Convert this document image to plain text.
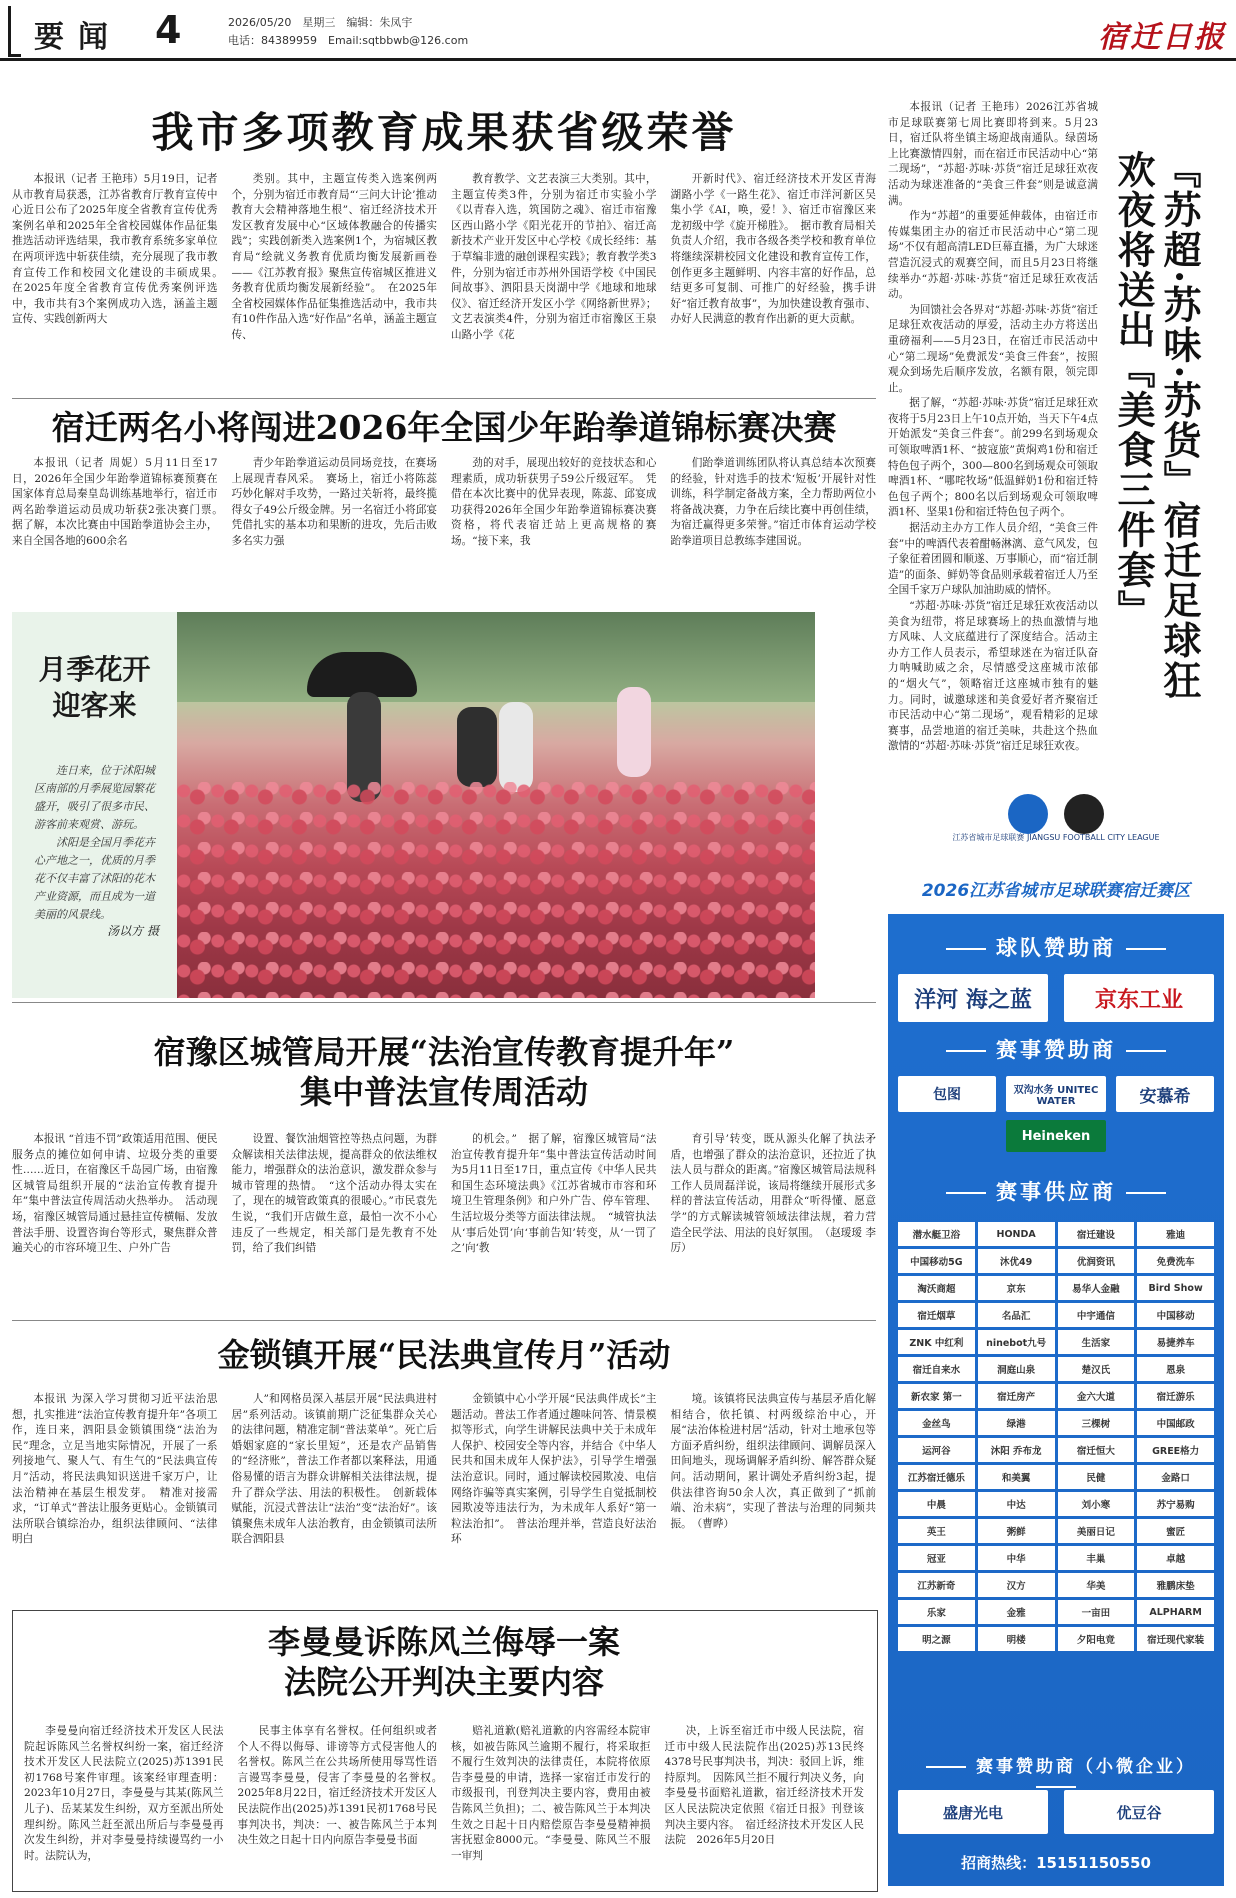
要闻 4	2026/05/20　星期三　编辑：朱凤宇
电话：84389959　Email:sqtbbwb@126.com	宿迁日报
我市多项教育成果获省级荣誉

本报讯（记者 王艳玮）5月19日，记者从市教育局获悉，江苏省教育厅教育宣传中心近日公布了2025年度全省教育宣传优秀案例名单和2025年全省校园媒体作品征集推选活动评选结果，我市教育系统多家单位在两项评选中斩获佳绩，充分展现了我市教育宣传工作和校园文化建设的丰硕成果。　在2025年度全省教育宣传优秀案例评选中，我市共有3个案例成功入选，涵盖主题宣传、实践创新两大

类别。其中，主题宣传类入选案例两个，分别为宿迁市教育局“‘三问大计论’推动教育大会精神落地生根”、宿迁经济技术开发区教育发展中心“区域体教融合的传播实践”；实践创新类入选案例1个，为宿城区教育局“绘就义务教育优质均衡发展新画卷——《江苏教育报》聚焦宣传宿城区推进义务教育优质均衡发展新经验”。　在2025年全省校园媒体作品征集推选活动中，我市共有10件作品入选“好作品”名单，涵盖主题宣传、

教育教学、文艺表演三大类别。其中，主题宣传类3件，分别为宿迁市实验小学《以青春入选，筑国防之魂》、宿迁市宿豫区西山路小学《阳光花开的节拍》、宿迁高新技术产业开发区中心学校《成长经纬：基于草编非遗的融创课程实践》；教育教学类3件，分别为宿迁市苏州外国语学校《中国民间故事》、泗阳县天岗湖中学《地球和地球仪》、宿迁经济开发区小学《网络新世界》；文艺表演类4件，分别为宿迁市宿豫区王泉山路小学《花

开新时代》、宿迁经济技术开发区青海湖路小学《一路生花》、宿迁市洋河新区吴集小学《AI，唤，爱！》、宿迁市宿豫区来龙初级中学《旋开梯胜》。　据市教育局相关负责人介绍，我市各级各类学校和教育单位将继续深耕校园文化建设和教育宣传工作，创作更多主题鲜明、内容丰富的好作品，总结更多可复制、可推广的好经验，携手讲好“宿迁教育故事”，为加快建设教育强市、办好人民满意的教育作出新的更大贡献。

宿迁两名小将闯进2026年全国少年跆拳道锦标赛决赛

本报讯（记者 周妮）5月11日至17日，2026年全国少年跆拳道锦标赛预赛在国家体育总局秦皇岛训练基地举行，宿迁市两名跆拳道运动员成功斩获2张决赛门票。　据了解，本次比赛由中国跆拳道协会主办，来自全国各地的600余名

青少年跆拳道运动员同场竞技，在赛场上展现青春风采。　赛场上，宿迁小将陈蕊巧妙化解对手攻势，一路过关斩将，最终揽得女子49公斤级金牌。另一名宿迁小将邱宴凭借扎实的基本功和果断的进攻，先后击败多名实力强

劲的对手，展现出较好的竞技状态和心理素质，成功斩获男子59公斤级冠军。　凭借在本次比赛中的优异表现，陈蕊、邱宴成功获得2026年全国少年跆拳道锦标赛决赛资格，将代表宿迁站上更高规格的赛场。“接下来，我

们跆拳道训练团队将认真总结本次预赛的经验，针对选手的技术‘短板’开展针对性训练，科学制定备战方案，全力帮助两位小将备战决赛，力争在后续比赛中再创佳绩，为宿迁赢得更多荣誉。”宿迁市体育运动学校跆拳道项目总教练李建国说。

月季花开迎客来

连日来，位于沭阳城区南部的月季展览园繁花盛开，吸引了很多市民、游客前来观赏、游玩。

沭阳是全国月季花卉心产地之一，优质的月季花不仅丰富了沭阳的花木产业资源，而且成为一道美丽的风景线。

汤以方 摄
宿豫区城管局开展“法治宣传教育提升年”
集中普法宣传周活动

本报讯 “首违不罚”政策适用范围、便民服务点的摊位如何申请、垃圾分类的重要性……近日，在宿豫区千岛园广场，由宿豫区城管局组织开展的“法治宣传教育提升年”集中普法宣传周活动火热举办。　活动现场，宿豫区城管局通过悬挂宣传横幅、发放普法手册、设置咨询台等形式，聚焦群众普遍关心的市容环境卫生、户外广告

设置、餐饮油烟管控等热点问题，为群众解读相关法律法规，提高群众的依法维权能力，增强群众的法治意识，激发群众参与城市管理的热情。　“这个活动办得太实在了，现在的城管政策真的很暖心。”市民袁先生说，“我们开店做生意，最怕一次不小心违反了一些规定，相关部门是先教育不处罚，给了我们纠错

的机会。”　据了解，宿豫区城管局“法治宣传教育提升年”集中普法宣传活动时间为5月11日至17日，重点宣传《中华人民共和国生态环境法典》《江苏省城市市容和环境卫生管理条例》和户外广告、停车管理、生活垃圾分类等方面法律法规。　“城管执法从‘事后处罚’向‘事前告知’转变，从‘一罚了之’向‘教

育引导’转变，既从源头化解了执法矛盾，也增强了群众的法治意识，还拉近了执法人员与群众的距离。”宿豫区城管局法规科工作人员周磊洋说，该局将继续开展形式多样的普法宣传活动，用群众“听得懂、愿意学”的方式解读城管领域法律法规，着力营造全民学法、用法的良好氛围。　（赵瑷瑷 李厉）

金锁镇开展“民法典宣传月”活动

本报讯 为深入学习贯彻习近平法治思想，扎实推进“法治宣传教育提升年”各项工作，连日来，泗阳县金锁镇围绕“法治为民”理念，立足当地实际情况，开展了一系列接地气、聚人气、有生气的“民法典宣传月”活动，将民法典知识送进千家万户，让法治精神在基层生根发芽。　精准对接需求，“订单式”普法让服务更贴心。金锁镇司法所联合镇综治办，组织法律顾问、“法律明白

人”和网格员深入基层开展“民法典进村居”系列活动。该镇前期广泛征集群众关心的法律问题，精准定制“普法菜单”。死亡后婚姻家庭的“家长里短”，还是农产品销售的“经济账”，普法工作者都以案释法，用通俗易懂的语言为群众讲解相关法律法规，提升了群众学法、用法的积极性。　创新载体赋能，沉浸式普法让“法治”变“法治好”。该镇聚焦未成年人法治教育，由金锁镇司法所联合泗阳县

金锁镇中心小学开展“民法典伴成长”主题活动。普法工作者通过趣味问答、情景模拟等形式，向学生讲解民法典中关于未成年人保护、校园安全等内容，并结合《中华人民共和国未成年人保护法》，引导学生增强法治意识。同时，通过解读校园欺凌、电信网络诈骗等真实案例，引导学生自觉抵制校园欺凌等违法行为，为未成年人系好“第一粒法治扣”。　普法治理并举，营造良好法治环

境。该镇将民法典宣传与基层矛盾化解相结合，依托镇、村两级综治中心，开展“法治体检进村居”活动，针对土地承包等方面矛盾纠纷，组织法律顾问、调解员深入田间地头，现场调解矛盾纠纷、解答群众疑问。活动期间，累计调处矛盾纠纷3起，提供法律咨询50余人次，真正做到了“抓前端、治未病”，实现了普法与治理的同频共振。　（曹晔）

李曼曼诉陈风兰侮辱一案
法院公开判决主要内容

李曼曼向宿迁经济技术开发区人民法院起诉陈风兰名誉权纠纷一案，宿迁经济技术开发区人民法院立(2025)苏1391民初1768号案件审理。该案经审理查明：2023年10月27日，李曼曼与其某(陈风兰儿子)、岳某某发生纠纷，双方至派出所处理纠纷。陈风兰赶至派出所后与李曼曼再次发生纠纷，并对李曼曼持续谩骂约一小时。法院认为，

民事主体享有名誉权。任何组织或者个人不得以侮辱、诽谤等方式侵害他人的名誉权。陈风兰在公共场所使用辱骂性语言谩骂李曼曼，侵害了李曼曼的名誉权。　2025年8月22日，宿迁经济技术开发区人民法院作出(2025)苏1391民初1768号民事判决书，判决：一、被告陈风兰于本判决生效之日起十日内向原告李曼曼书面

赔礼道歉(赔礼道歉的内容需经本院审核，如被告陈风兰逾期不履行，将采取拒不履行生效判决的法律责任，本院将依原告李曼曼的申请，选择一家宿迁市发行的市级报刊，刊登判决主要内容，费用由被告陈风兰负担)；二、被告陈风兰于本判决生效之日起十日内赔偿原告李曼曼精神损害抚慰金8000元。“李曼曼、陈风兰不服一审判

决，上诉至宿迁市中级人民法院，宿迁市中级人民法院作出(2025)苏13民终4378号民事判决书，判决：驳回上诉，维持原判。　因陈风兰拒不履行判决义务，向李曼曼书面赔礼道歉，宿迁经济技术开发区人民法院决定依照《宿迁日报》刊登该判决主要内容。　宿迁经济技术开发区人民法院　2026年5月20日

本报讯（记者 王艳玮）2026江苏省城市足球联赛第七周比赛即将到来。5月23日，宿迁队将坐镇主场迎战南通队。绿茵场上比赛激情四射，而在宿迁市民活动中心“第二现场”，“苏超·苏味·苏货”宿迁足球狂欢夜活动为球迷准备的“美食三件套”则是诚意满满。

作为“苏超”的重要延伸载体，由宿迁市传媒集团主办的宿迁市民活动中心“第二现场”不仅有超高清LED巨幕直播，为广大球迷营造沉浸式的观赛空间，而且5月23日将继续举办“苏超·苏味·苏货”宿迁足球狂欢夜活动。

为回馈社会各界对“苏超·苏味·苏货”宿迁足球狂欢夜活动的厚爱，活动主办方将送出重磅福利——5月23日，在宿迁市民活动中心“第二现场”免费派发“美食三件套”，按照观众到场先后顺序发放，名额有限，领完即止。

据了解，“苏超·苏味·苏货”宿迁足球狂欢夜将于5月23日上午10点开始，当天下午4点开始派发“美食三件套”。前299名到场观众可领取啤酒1杯、“披寇旅”黄焖鸡1份和宿迁特色包子两个，300—800名到场观众可领取啤酒1杯、“哪咤牧场”低温鲜奶1份和宿迁特色包子两个；800名以后到场观众可领取啤酒1杯、坚果1份和宿迁特色包子两个。

据活动主办方工作人员介绍，“美食三件套”中的啤酒代表着酣畅淋漓、意气风发，包子象征着团圆和顺遂、万事顺心，而“宿迁制造”的面条、鲜奶等食品则承载着宿迁人乃至全国千家万户球队加油助威的情怀。

“苏超·苏味·苏货”宿迁足球狂欢夜活动以美食为纽带，将足球赛场上的热血激情与地方风味、人文底蕴进行了深度结合。活动主办方工作人员表示，希望球迷在为宿迁队奋力呐喊助威之余，尽情感受这座城市浓郁的“烟火气”，领略宿迁这座城市独有的魅力。同时，诚邀球迷和美食爱好者齐聚宿迁市民活动中心“第二现场”，观看精彩的足球赛事，品尝地道的宿迁美味，共赴这个热血激情的“苏超·苏味·苏货”宿迁足球狂欢夜。

『苏超·苏味·苏货』宿迁足球狂欢夜将送出『美食三件套』
江苏省城市足球联赛 JIANGSU FOOTBALL CITY LEAGUE
2026江苏省城市足球联赛宿迁赛区
球队赞助商
洋河 海之蓝	京东工业
赛事赞助商
包图	双沟水务 UNITEC WATER	安慕希
Heineken
赛事供应商
潜水艇卫浴	HONDA	宿迁建设	雅迪
中国移动5G	沐优49	优润资讯	免费洗车
淘沃商超	京东	易华人金融	Bird Show
宿迁烟草	名品汇	中宇通信	中国移动
ZNK 中红利	ninebot九号	生活家	易捷养车
宿迁自来水	洞庭山泉	楚汉氏	恩泉
新农家 第一	宿迁房产	金六大道	宿迁游乐
金丝鸟	绿港	三棵树	中国邮政
运河谷	沐阳 乔布龙	宿迁恒大	GREE格力
江苏宿迁德乐	和美翼	民健	金路口
中晨	中达	刘小寒	苏宁易购
英王	粥鲜	美丽日记	蜜匠
冠亚	中华	丰巢	卓越
江苏新奇	汉方	华美	雅鹏床垫
乐家	金雅	一亩田	ALPHARM
明之源	明楼	夕阳电竞	宿迁现代家装
赛事赞助商（小微企业）
盛唐光电	优豆谷
招商热线：15151150550
